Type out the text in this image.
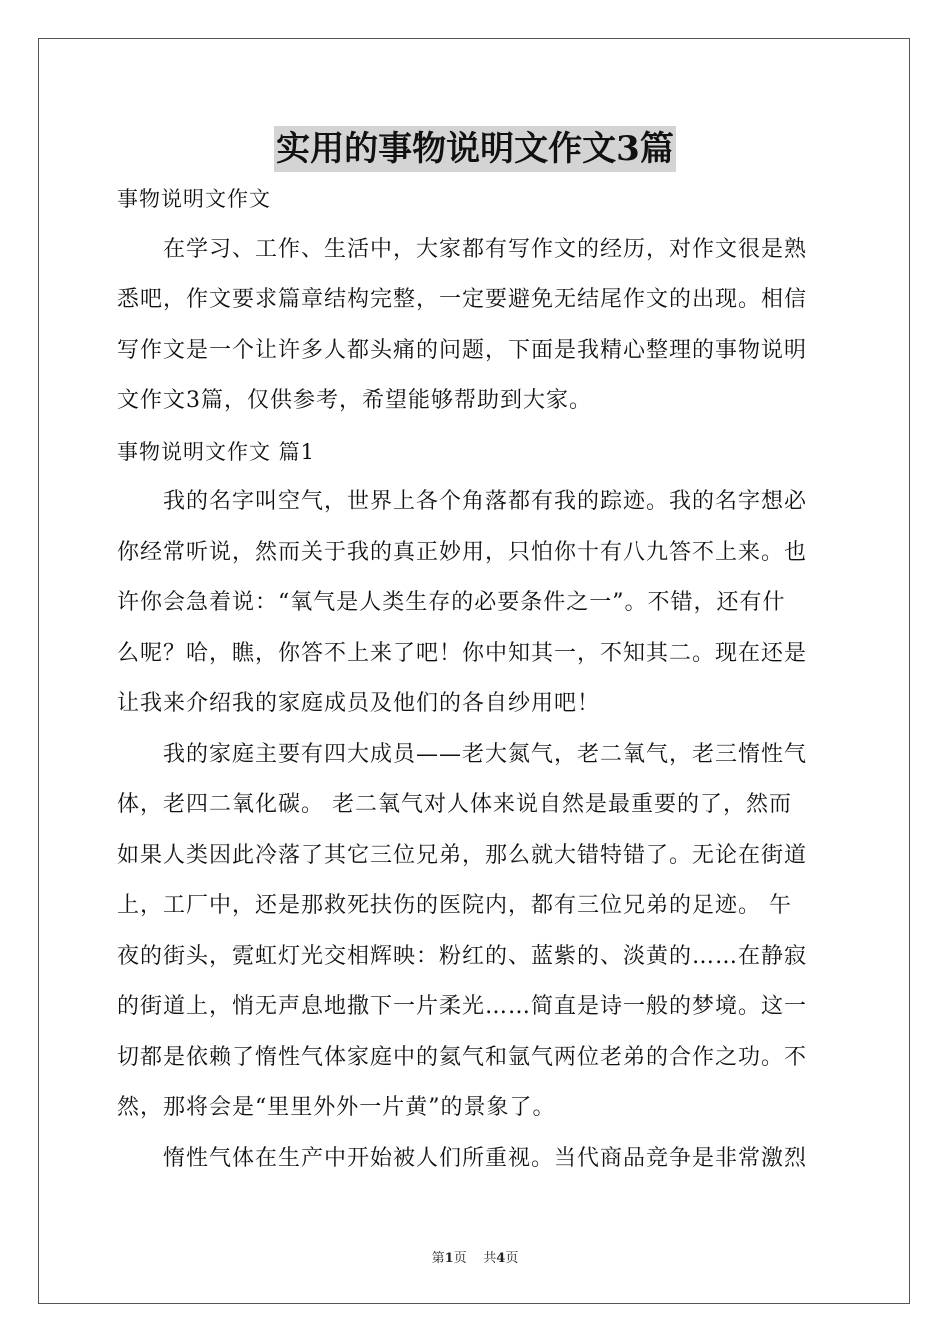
实用的事物说明文作文3篇
事物说明文作文
在学习、工作、生活中，大家都有写作文的经历，对作文很是熟
悉吧，作文要求篇章结构完整，一定要避免无结尾作文的出现。相信
写作文是一个让许多人都头痛的问题，下面是我精心整理的事物说明
文作文3篇，仅供参考，希望能够帮助到大家。
事物说明文作文 篇1
我的名字叫空气，世界上各个角落都有我的踪迹。我的名字想必
你经常听说，然而关于我的真正妙用，只怕你十有八九答不上来。也
许你会急着说：“氧气是人类生存的必要条件之一”。不错，还有什
么呢？哈，瞧，你答不上来了吧！你中知其一，不知其二。现在还是
让我来介绍我的家庭成员及他们的各自纱用吧！
我的家庭主要有四大成员——老大氮气，老二氧气，老三惰性气
体，老四二氧化碳。 老二氧气对人体来说自然是最重要的了，然而
如果人类因此冷落了其它三位兄弟，那么就大错特错了。无论在街道
上，工厂中，还是那救死扶伤的医院内，都有三位兄弟的足迹。 午
夜的街头，霓虹灯光交相辉映：粉红的、蓝紫的、淡黄的……在静寂
的街道上，悄无声息地撒下一片柔光……简直是诗一般的梦境。这一
切都是依赖了惰性气体家庭中的氦气和氩气两位老弟的合作之功。不
然，那将会是“里里外外一片黄”的景象了。
惰性气体在生产中开始被人们所重视。当代商品竞争是非常激烈
第1页 共4页
